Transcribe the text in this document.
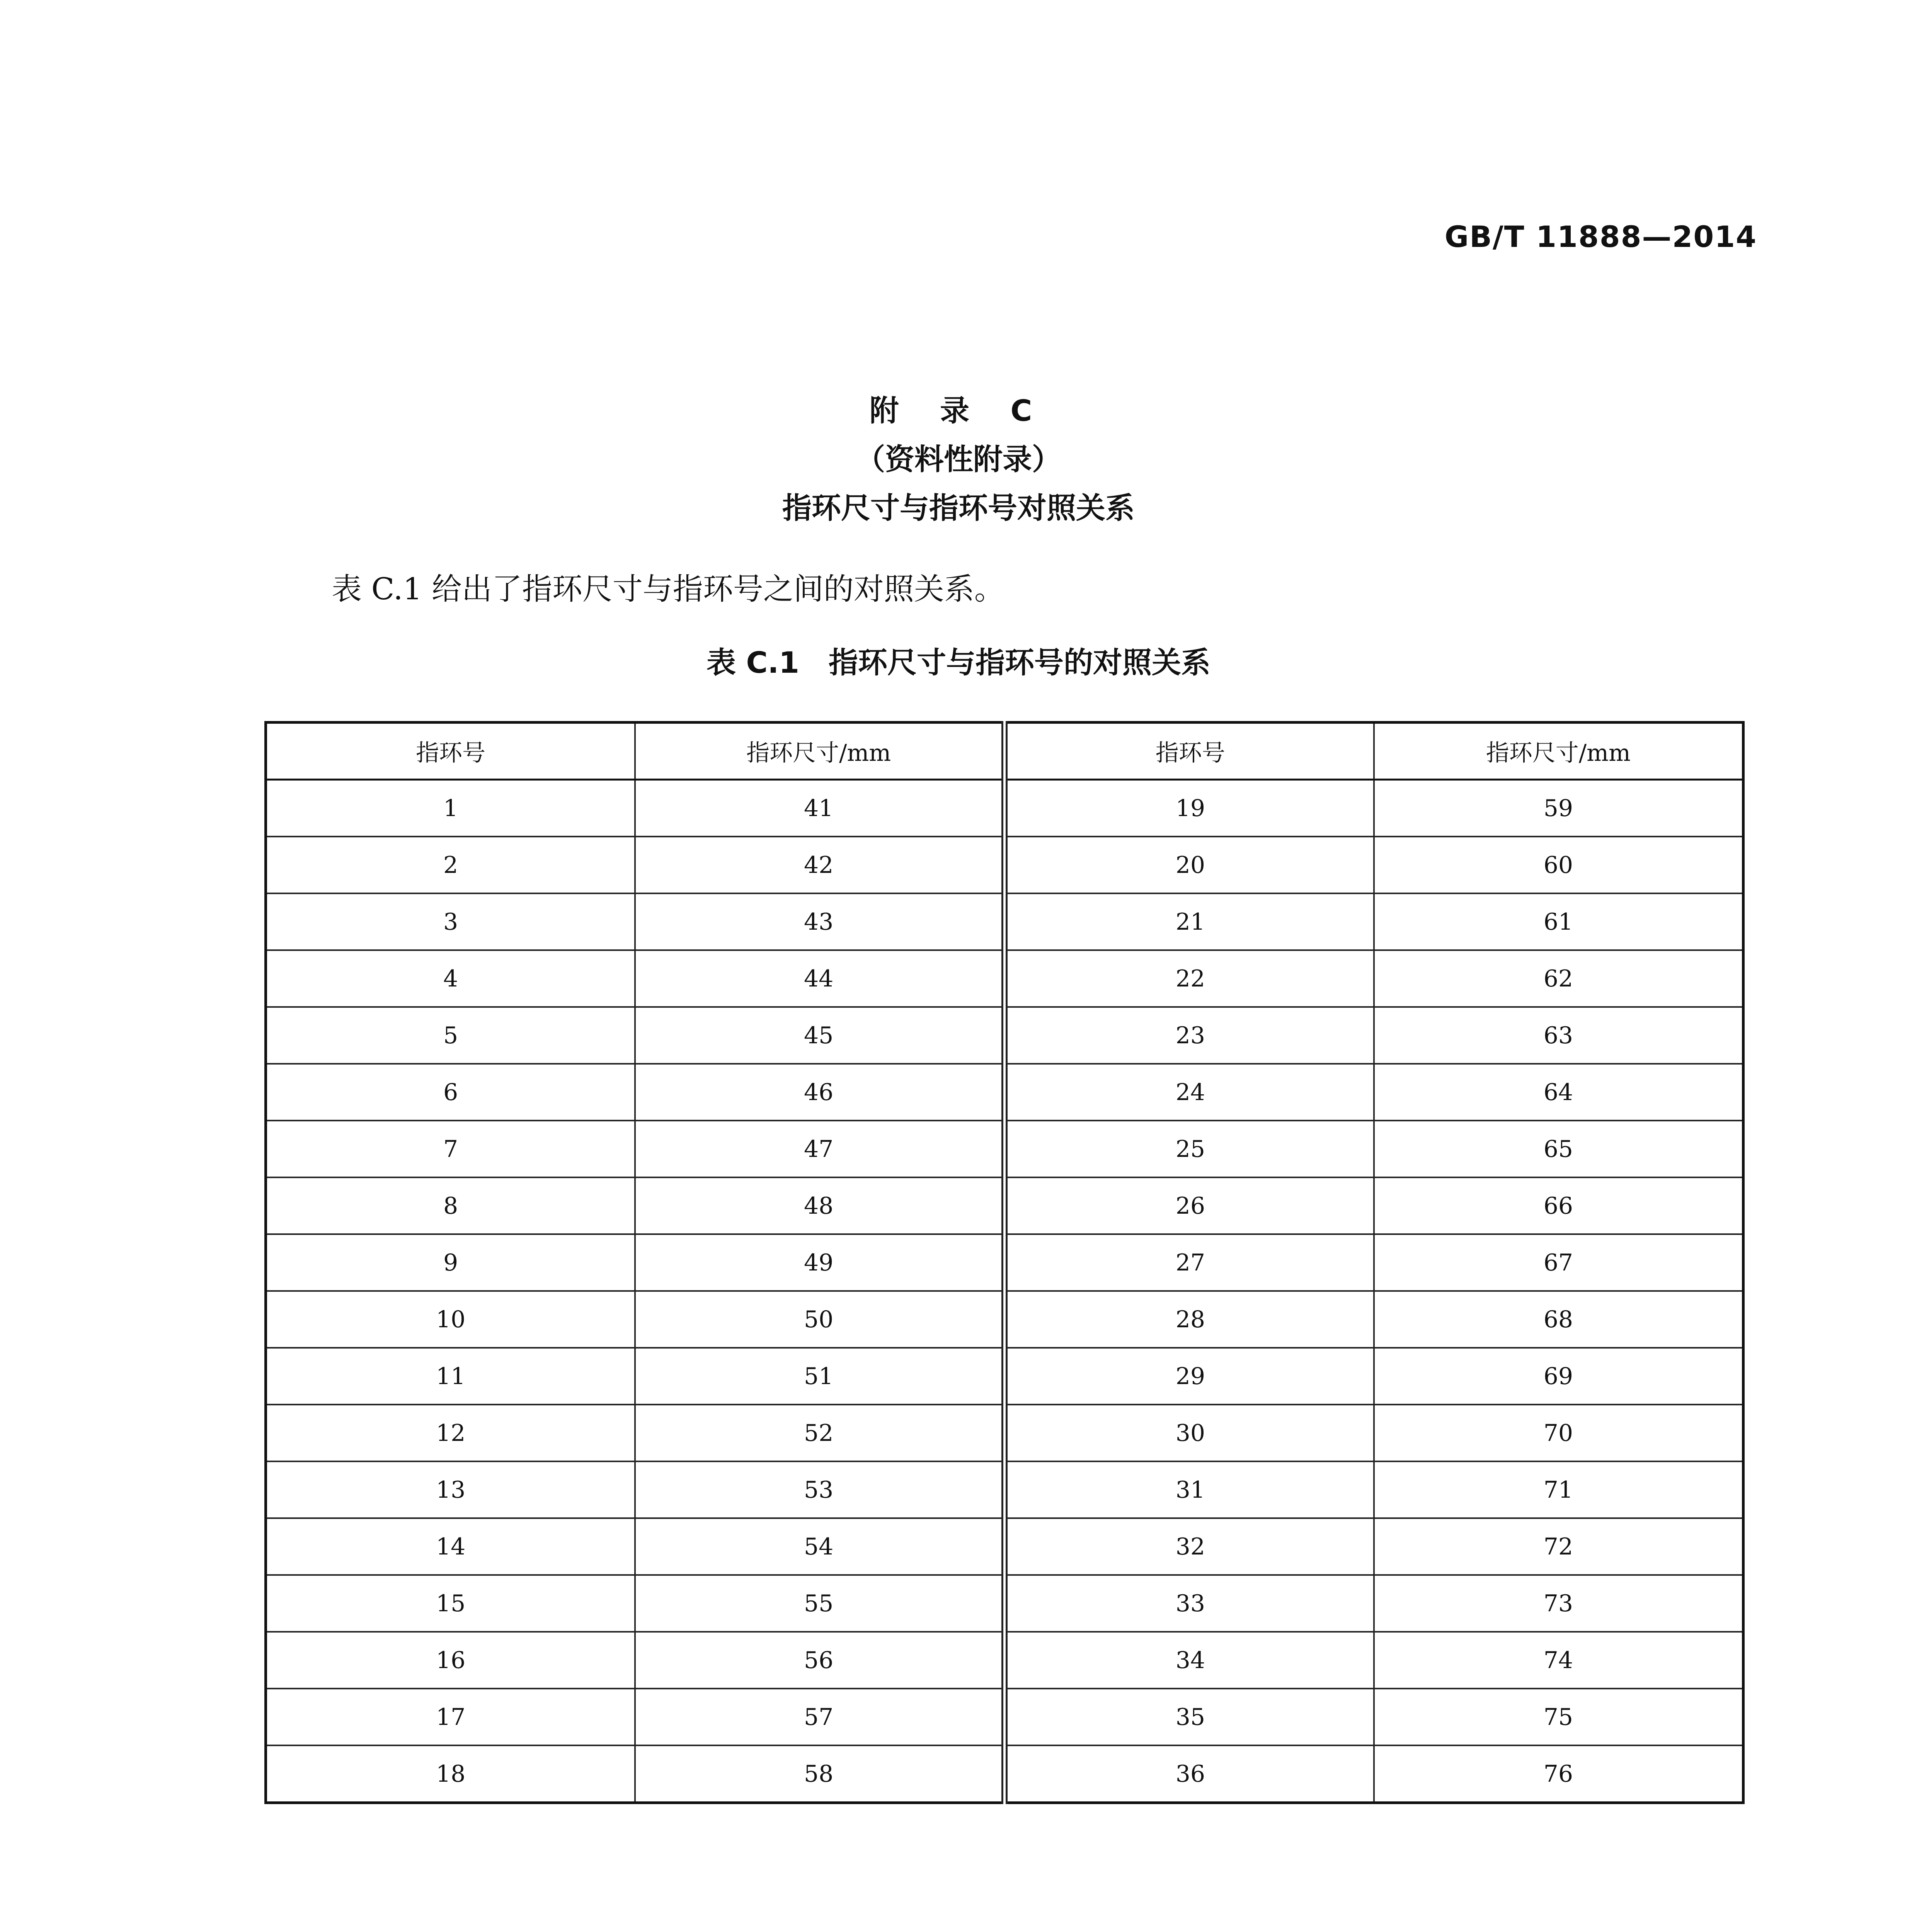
GB/T 11888—2014
附 录 C
（资料性附录）
指环尺寸与指环号对照关系
表 C.1 给出了指环尺寸与指环号之间的对照关系。
表 C.1　指环尺寸与指环号的对照关系
指环号	指环尺寸/mm	指环号	指环尺寸/mm
1	41	19	59
2	42	20	60
3	43	21	61
4	44	22	62
5	45	23	63
6	46	24	64
7	47	25	65
8	48	26	66
9	49	27	67
10	50	28	68
11	51	29	69
12	52	30	70
13	53	31	71
14	54	32	72
15	55	33	73
16	56	34	74
17	57	35	75
18	58	36	76
